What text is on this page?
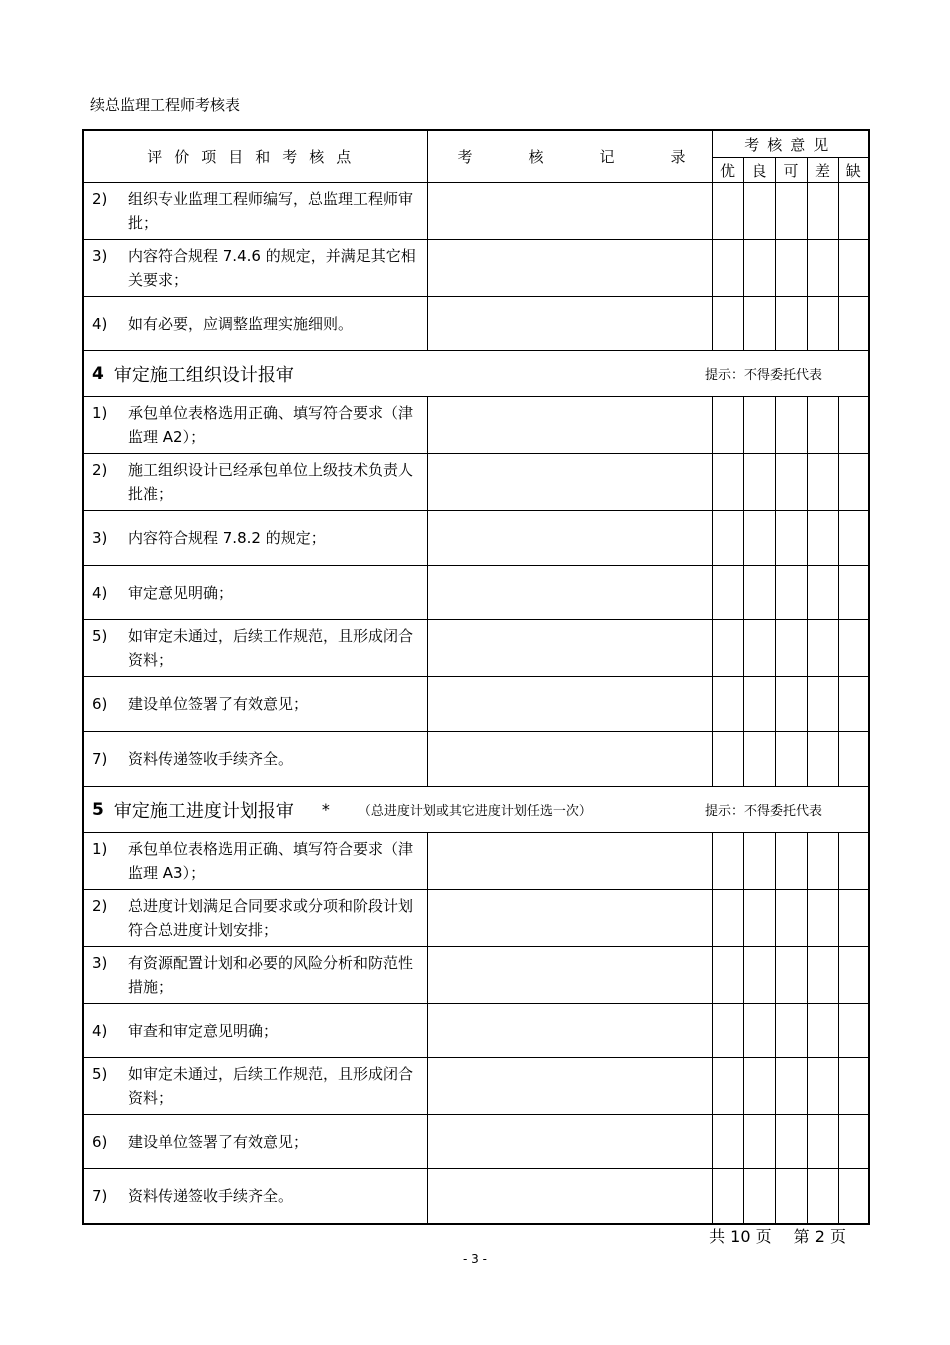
续总监理工程师考核表
评价项目和考核点	考 核 记 录	考核意见				
		优	良	可	差	缺

2) 组织专业监理工程师编写，总监理工程师审批；						

3) 内容符合规程 7.4.6 的规定，并满足其它相关要求；						

4) 如有必要，应调整监理实施细则。						

4 审定施工组织设计报审 提示：不得委托代表						

1) 承包单位表格选用正确、填写符合要求（津监理 A2）；						

2) 施工组织设计已经承包单位上级技术负责人批准；						

3) 内容符合规程 7.8.2 的规定；						

4) 审定意见明确；						

5) 如审定未通过，后续工作规范，且形成闭合资料；						

6) 建设单位签署了有效意见；						

7) 资料传递签收手续齐全。						

5 审定施工进度计划报审 * （总进度计划或其它进度计划任选一次） 提示：不得委托代表						

1) 承包单位表格选用正确、填写符合要求（津监理 A3）；						

2) 总进度计划满足合同要求或分项和阶段计划符合总进度计划安排；						

3) 有资源配置计划和必要的风险分析和防范性措施；						

4) 审查和审定意见明确；						

5) 如审定未通过，后续工作规范，且形成闭合资料；						

6) 建设单位签署了有效意见；						

7) 资料传递签收手续齐全。						

共 10 页 第 2 页
- 3 -
